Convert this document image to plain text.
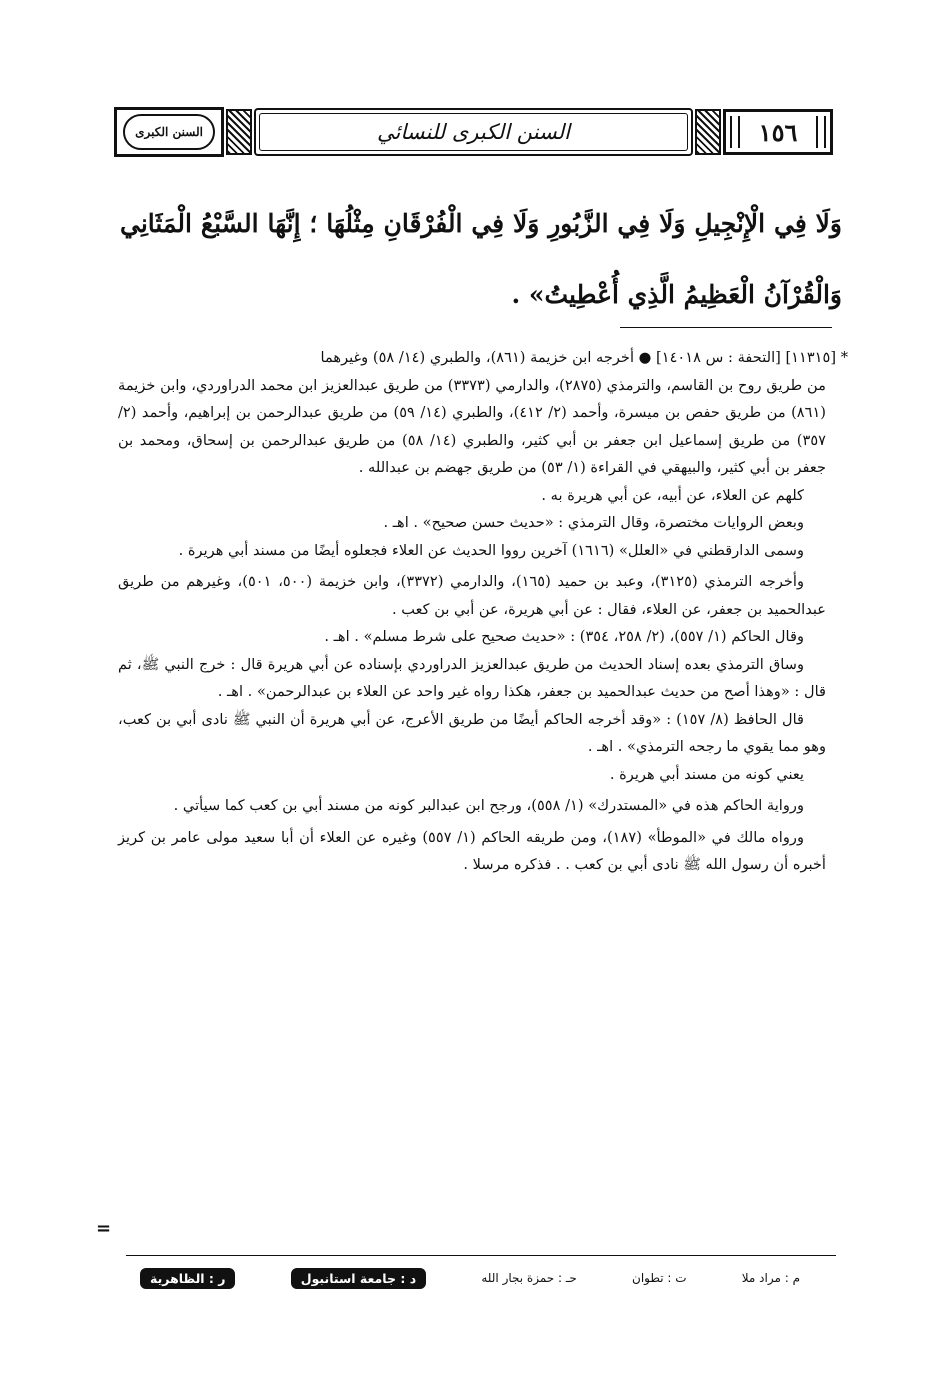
١٥٦
السنن الكبرى للنسائي
السنن الكبرى
وَلَا فِي الْإِنْجِيلِ وَلَا فِي الزَّبُورِ وَلَا فِي الْفُرْقَانِ مِثْلُهَا ؛ إِنَّهَا السَّبْعُ الْمَثَانِي وَالْقُرْآنُ الْعَظِيمُ الَّذِي أُعْطِيتُ» .

* [١١٣١٥] [التحفة : س ١٤٠١٨] ● أخرجه ابن خزيمة (٨٦١)، والطبري (١٤/ ٥٨) وغيرهما

من طريق روح بن القاسم، والترمذي (٢٨٧٥)، والدارمي (٣٣٧٣) من طريق عبدالعزيز ابن محمد الدراوردي، وابن خزيمة (٨٦١) من طريق حفص بن ميسرة، وأحمد (٢/ ٤١٢)، والطبري (١٤/ ٥٩) من طريق عبدالرحمن بن إبراهيم، وأحمد (٢/ ٣٥٧) من طريق إسماعيل ابن جعفر بن أبي كثير، والطبري (١٤/ ٥٨) من طريق عبدالرحمن بن إسحاق، ومحمد بن جعفر بن أبي كثير، والبيهقي في القراءة (١/ ٥٣) من طريق جهضم بن عبدالله .

كلهم عن العلاء، عن أبيه، عن أبي هريرة به .

وبعض الروايات مختصرة، وقال الترمذي : «حديث حسن صحيح» . اهـ .

وسمى الدارقطني في «العلل» (١٦١٦) آخرين رووا الحديث عن العلاء فجعلوه أيضًا من مسند أبي هريرة .

وأخرجه الترمذي (٣١٢٥)، وعبد بن حميد (١٦٥)، والدارمي (٣٣٧٢)، وابن خزيمة (٥٠٠، ٥٠١)، وغيرهم من طريق عبدالحميد بن جعفر، عن العلاء، فقال : عن أبي هريرة، عن أبي بن كعب .

وقال الحاكم (١/ ٥٥٧)، (٢/ ٢٥٨، ٣٥٤) : «حديث صحيح على شرط مسلم» . اهـ .

وساق الترمذي بعده إسناد الحديث من طريق عبدالعزيز الدراوردي بإسناده عن أبي هريرة قال : خرج النبي ﷺ، ثم قال : «وهذا أصح من حديث عبدالحميد بن جعفر، هكذا رواه غير واحد عن العلاء بن عبدالرحمن» . اهـ .

قال الحافظ (٨/ ١٥٧) : «وقد أخرجه الحاكم أيضًا من طريق الأعرج، عن أبي هريرة أن النبي ﷺ نادى أبي بن كعب، وهو مما يقوي ما رجحه الترمذي» . اهـ .

يعني كونه من مسند أبي هريرة .

ورواية الحاكم هذه في «المستدرك» (١/ ٥٥٨)، ورجح ابن عبدالبر كونه من مسند أبي بن كعب كما سيأتي .

ورواه مالك في «الموطأ» (١٨٧)، ومن طريقه الحاكم (١/ ٥٥٧) وغيره عن العلاء أن أبا سعيد مولى عامر بن كريز أخبره أن رسول الله ﷺ نادى أبي بن كعب . . فذكره مرسلا .

=
م : مراد ملا
ت : تطوان
حـ : حمزة بجار الله
د : جامعة استانبول
ر : الظاهرية
